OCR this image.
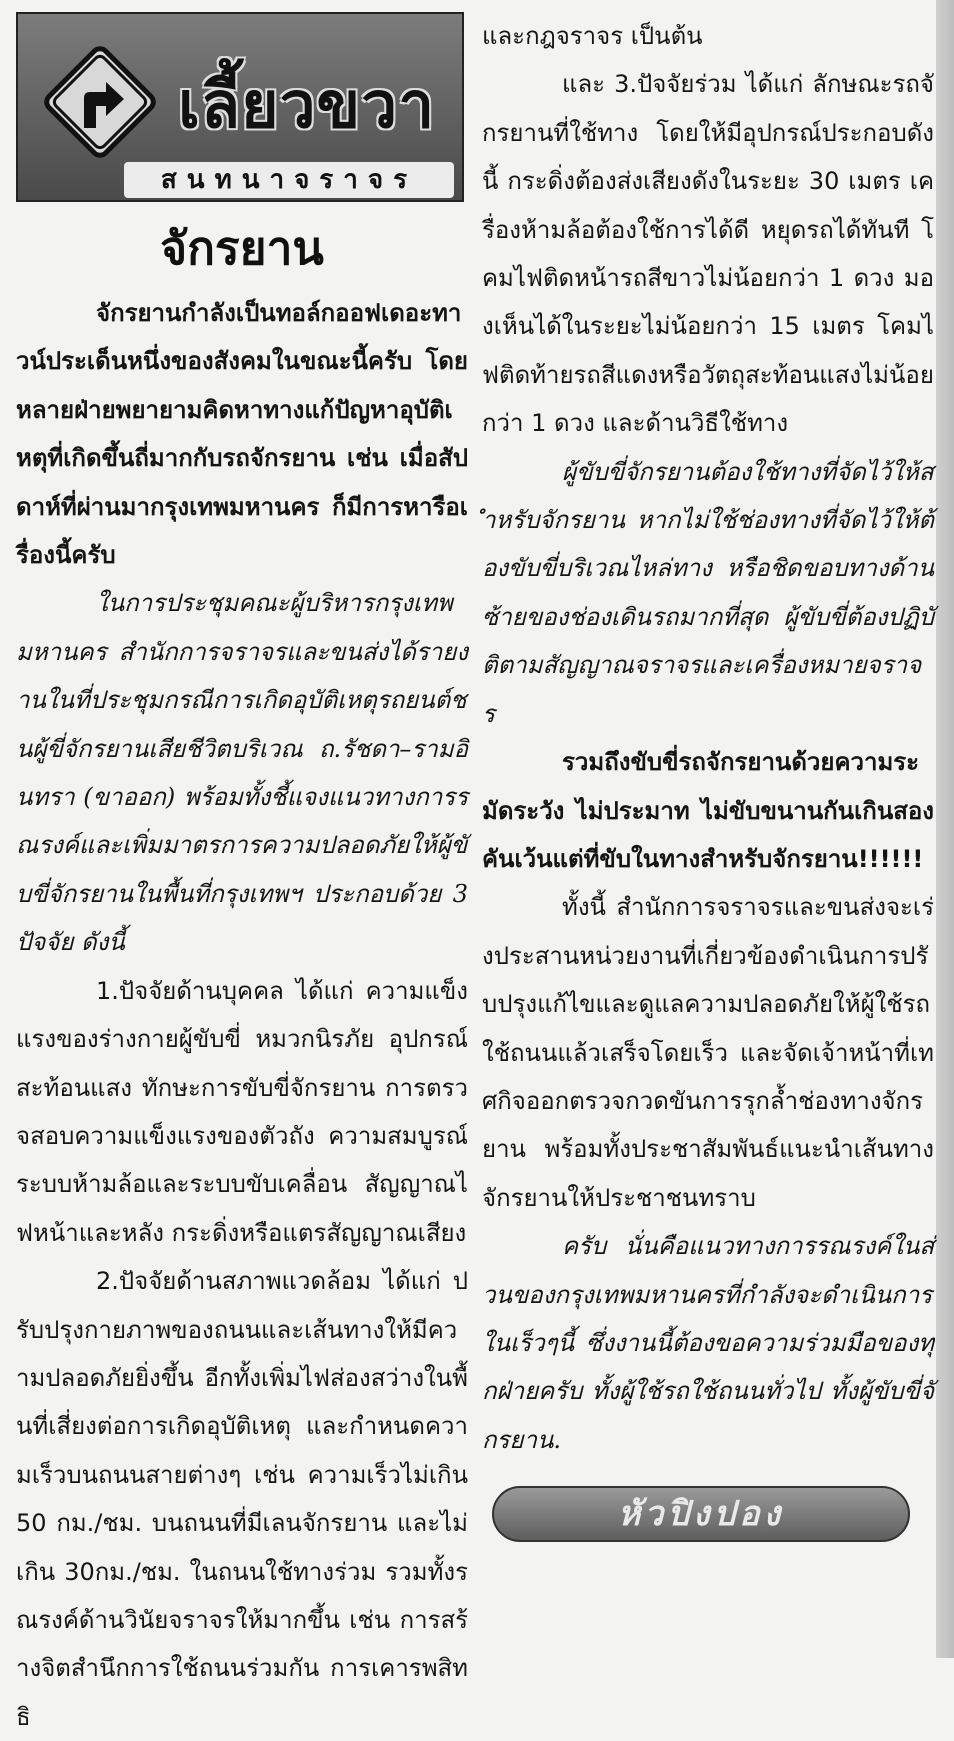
เลี้ยวขวา
สนทนาจราจร
จักรยาน

จักรยานกำลังเป็นทอล์กออฟเดอะทาวน์ประเด็นหนึ่งของสังคมในขณะนี้ครับ โดยหลายฝ่ายพยายามคิดหาทางแก้ปัญหาอุบัติเหตุที่เกิดขึ้นถี่มากกับรถจักรยาน เช่น เมื่อสัปดาห์ที่ผ่านมากรุงเทพมหานคร ก็มีการหารือเรื่องนี้ครับ

ในการประชุมคณะผู้บริหารกรุงเทพมหานคร สำนักการจราจรและขนส่งได้รายงานในที่ประชุมกรณีการเกิดอุบัติเหตุรถยนต์ชนผู้ขี่จักรยานเสียชีวิตบริเวณ ถ.รัชดา–รามอินทรา (ขาออก) พร้อมทั้งชี้แจงแนวทางการรณรงค์และเพิ่มมาตรการความปลอดภัยให้ผู้ขับขี่จักรยานในพื้นที่กรุงเทพฯ ประกอบด้วย 3 ปัจจัย ดังนี้

1.ปัจจัยด้านบุคคล ได้แก่ ความแข็งแรงของร่างกายผู้ขับขี่ หมวกนิรภัย อุปกรณ์สะท้อนแสง ทักษะการขับขี่จักรยาน การตรวจสอบความแข็งแรงของตัวถัง ความสมบูรณ์ระบบห้ามล้อและระบบขับเคลื่อน สัญญาณไฟหน้าและหลัง กระดิ่งหรือแตรสัญญาณเสียง

2.ปัจจัยด้านสภาพแวดล้อม ได้แก่ ปรับปรุงกายภาพของถนนและเส้นทางให้มีความปลอดภัยยิ่งขึ้น อีกทั้งเพิ่มไฟส่องสว่างในพื้นที่เสี่ยงต่อการเกิดอุบัติเหตุ และกำหนดความเร็วบนถนนสายต่างๆ เช่น ความเร็วไม่เกิน 50 กม./ชม. บนถนนที่มีเลนจักรยาน และไม่เกิน 30กม./ชม. ในถนนใช้ทางร่วม รวมทั้งรณรงค์ด้านวินัยจราจรให้มากขึ้น เช่น การสร้างจิตสำนึกการใช้ถนนร่วมกัน การเคารพสิทธิ

และกฎจราจร เป็นต้น

และ 3.ปัจจัยร่วม ได้แก่ ลักษณะรถจักรยานที่ใช้ทาง โดยให้มีอุปกรณ์ประกอบดังนี้ กระดิ่งต้องส่งเสียงดังในระยะ 30 เมตร เครื่องห้ามล้อต้องใช้การได้ดี หยุดรถได้ทันที โคมไฟติดหน้ารถสีขาวไม่น้อยกว่า 1 ดวง มองเห็นได้ในระยะไม่น้อยกว่า 15 เมตร โคมไฟติดท้ายรถสีแดงหรือวัตถุสะท้อนแสงไม่น้อยกว่า 1 ดวง และด้านวิธีใช้ทาง

ผู้ขับขี่จักรยานต้องใช้ทางที่จัดไว้ให้สำหรับจักรยาน หากไม่ใช้ช่องทางที่จัดไว้ให้ต้องขับขี่บริเวณไหล่ทาง หรือชิดขอบทางด้านซ้ายของช่องเดินรถมากที่สุด ผู้ขับขี่ต้องปฏิบัติตามสัญญาณจราจรและเครื่องหมายจราจร

รวมถึงขับขี่รถจักรยานด้วยความระมัดระวัง ไม่ประมาท ไม่ขับขนานกันเกินสองคันเว้นแต่ที่ขับในทางสำหรับจักรยาน!!!!!!

ทั้งนี้ สำนักการจราจรและขนส่งจะเร่งประสานหน่วยงานที่เกี่ยวข้องดำเนินการปรับปรุงแก้ไขและดูแลความปลอดภัยให้ผู้ใช้รถใช้ถนนแล้วเสร็จโดยเร็ว และจัดเจ้าหน้าที่เทศกิจออกตรวจกวดขันการรุกล้ำช่องทางจักรยาน พร้อมทั้งประชาสัมพันธ์แนะนำเส้นทางจักรยานให้ประชาชนทราบ

ครับ นั่นคือแนวทางการรณรงค์ในส่วนของกรุงเทพมหานครที่กำลังจะดำเนินการในเร็วๆนี้ ซึ่งงานนี้ต้องขอความร่วมมือของทุกฝ่ายครับ ทั้งผู้ใช้รถใช้ถนนทั่วไป ทั้งผู้ขับขี่จักรยาน.

หัวปิงปอง
